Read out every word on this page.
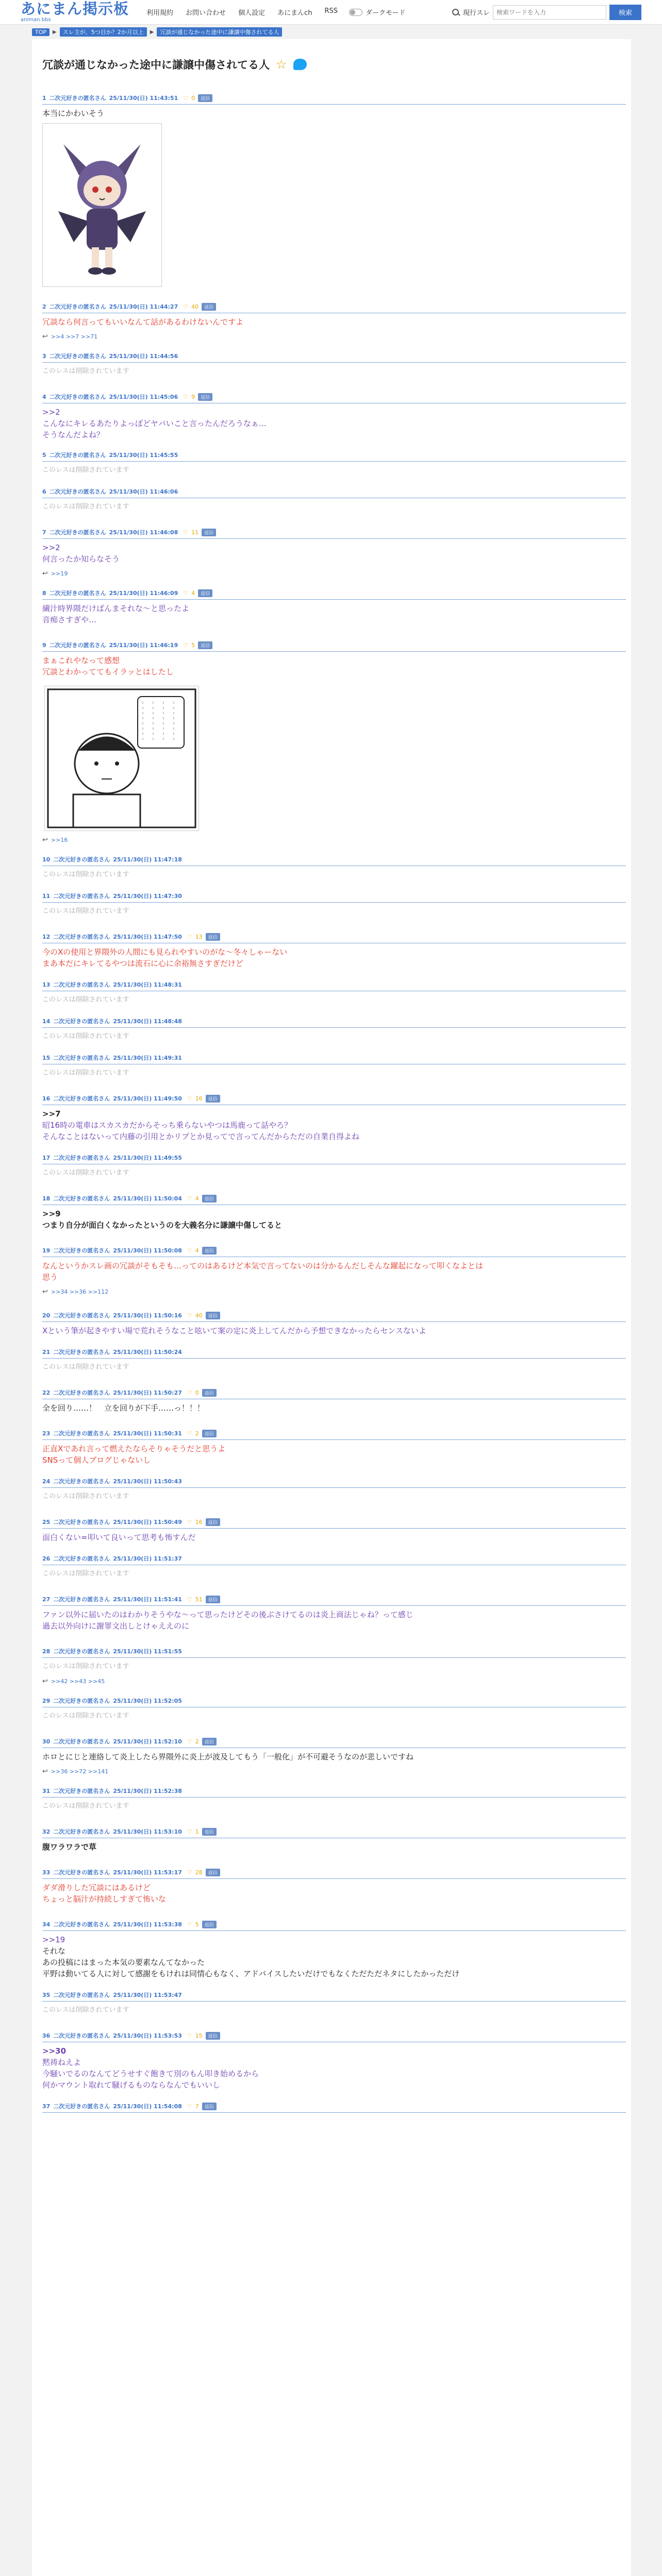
あにまん掲示板
animan bbs
利用規約 お問い合わせ 個人設定 あにまんch RSS	ダークモード	現行スレ
検索ワードを入力	検索
TOP	▶	スレ主が、5つ目か？2か月以上	▶	冗談が通じなかった途中に謙譲中傷されてる人
冗談が通じなかった途中に謙譲中傷されてる人 ☆
1 二次元好きの匿名さん 25/11/30(日) 11:43:51 ♡ 0	返信
本当にかわいそう
2 二次元好きの匿名さん 25/11/30(日) 11:44:27 ♡ 40	返信
冗談なら何言ってもいいなんて話があるわけないんですよ
↩ >>4 >>7 >>71
3 二次元好きの匿名さん 25/11/30(日) 11:44:56
このレスは削除されています
4 二次元好きの匿名さん 25/11/30(日) 11:45:06 ♡ 9	返信
>>2
こんなにキレるあたりよっぽどヤバいこと言ったんだろうなぁ…
そうなんだよね？
5 二次元好きの匿名さん 25/11/30(日) 11:45:55
このレスは削除されています
6 二次元好きの匿名さん 25/11/30(日) 11:46:06
このレスは削除されています
7 二次元好きの匿名さん 25/11/30(日) 11:46:08 ♡ 11	返信
>>2
何言ったか知らなそう
↩ >>19
8 二次元好きの匿名さん 25/11/30(日) 11:46:09 ♡ 4	返信
繊汁時界隈だけばんまそれな～と思ったよ
音痴さすぎや…
9 二次元好きの匿名さん 25/11/30(日) 11:46:19 ♡ 5	返信
まぁこれやなって感想
冗談とわかっててもイラッとはしたし
↩ >>16
10 二次元好きの匿名さん 25/11/30(日) 11:47:18
このレスは削除されています
11 二次元好きの匿名さん 25/11/30(日) 11:47:30
このレスは削除されています
12 二次元好きの匿名さん 25/11/30(日) 11:47:50 ♡ 13	返信
今のXの使用と界隈外の人間にも見られやすいのがな～冬々しゃーない
まあ本だにキレてるやつは流石に心に余裕無さすぎだけど
13 二次元好きの匿名さん 25/11/30(日) 11:48:31
このレスは削除されています
14 二次元好きの匿名さん 25/11/30(日) 11:48:48
このレスは削除されています
15 二次元好きの匿名さん 25/11/30(日) 11:49:31
このレスは削除されています
16 二次元好きの匿名さん 25/11/30(日) 11:49:50 ♡ 16	返信
>>7
昭16時の電車はスカスカだからそっち乗らないやつは馬鹿って話やろ？
そんなことはないって内藤の引用とかリプとか見ってで言ってんだからただの自業自得よね
17 二次元好きの匿名さん 25/11/30(日) 11:49:55
このレスは削除されています
18 二次元好きの匿名さん 25/11/30(日) 11:50:04 ♡ 4	返信
>>9
つまり自分が面白くなかったというのを大義名分に謙譲中傷してると
19 二次元好きの匿名さん 25/11/30(日) 11:50:08 ♡ 4	返信
なんというかスレ画の冗談がそもそも…ってのはあるけど本気で言ってないのは分かるんだしそんな躍起になって叩くなよとは
思う
↩ >>34 >>36 >>112
20 二次元好きの匿名さん 25/11/30(日) 11:50:16 ♡ 40	返信
Xという筆が起きやすい場で荒れそうなこと呟いて案の定に炎上してんだから予想できなかったらセンスないよ
21 二次元好きの匿名さん 25/11/30(日) 11:50:24
このレスは削除されています
22 二次元好きの匿名さん 25/11/30(日) 11:50:27 ♡ 0	返信
全を回り……！　立を回りが下手……っ！！！
23 二次元好きの匿名さん 25/11/30(日) 11:50:31 ♡ 2	返信
正直Xであれ言って燃えたならそりゃそうだと思うよ
SNSって個人ブログじゃないし
24 二次元好きの匿名さん 25/11/30(日) 11:50:43
このレスは削除されています
25 二次元好きの匿名さん 25/11/30(日) 11:50:49 ♡ 16	返信
面白くない=叩いて良いって思考も怖すんだ
26 二次元好きの匿名さん 25/11/30(日) 11:51:37
このレスは削除されています
27 二次元好きの匿名さん 25/11/30(日) 11:51:41 ♡ 51	返信
ファン以外に届いたのはわかりそうやな～って思ったけどその後ぶさけてるのは炎上商法じゃね？って感じ
過去以外向けに謝罪文出しとけゃええのに
28 二次元好きの匿名さん 25/11/30(日) 11:51:55
このレスは削除されています
↩ >>42 >>43 >>45
29 二次元好きの匿名さん 25/11/30(日) 11:52:05
このレスは削除されています
30 二次元好きの匿名さん 25/11/30(日) 11:52:10 ♡ 2	返信
ホロとにじと連絡して炎上したら界隈外に炎上が波及してもう「一般化」が不可避そうなのが悲しいですね
↩ >>36 >>72 >>141
31 二次元好きの匿名さん 25/11/30(日) 11:52:38
このレスは削除されています
32 二次元好きの匿名さん 25/11/30(日) 11:53:10 ♡ 1	返信
腹ワラワラで草
33 二次元好きの匿名さん 25/11/30(日) 11:53:17 ♡ 28	返信
ダダ滑りした冗談にはあるけど
ちょっと脳汁が持続しすぎて怖いな
34 二次元好きの匿名さん 25/11/30(日) 11:53:38 ♡ 5	返信
>>19
それな
あの投稿にはまった本気の要素なんてなかった
平野は動いてる人に対して感謝をもけれは同情心もなく、アドバイスしたいだけでもなくただただネタにしたかっただけ
35 二次元好きの匿名さん 25/11/30(日) 11:53:47
このレスは削除されています
36 二次元好きの匿名さん 25/11/30(日) 11:53:53 ♡ 15	返信
>>30
黙祷ねえよ
今騒いでるのなんてどうせすぐ飽きて別のもん叩き始めるから
何かマウント取れて騒げるものならなんでもいいし
37 二次元好きの匿名さん 25/11/30(日) 11:54:08 ♡ 7	返信
